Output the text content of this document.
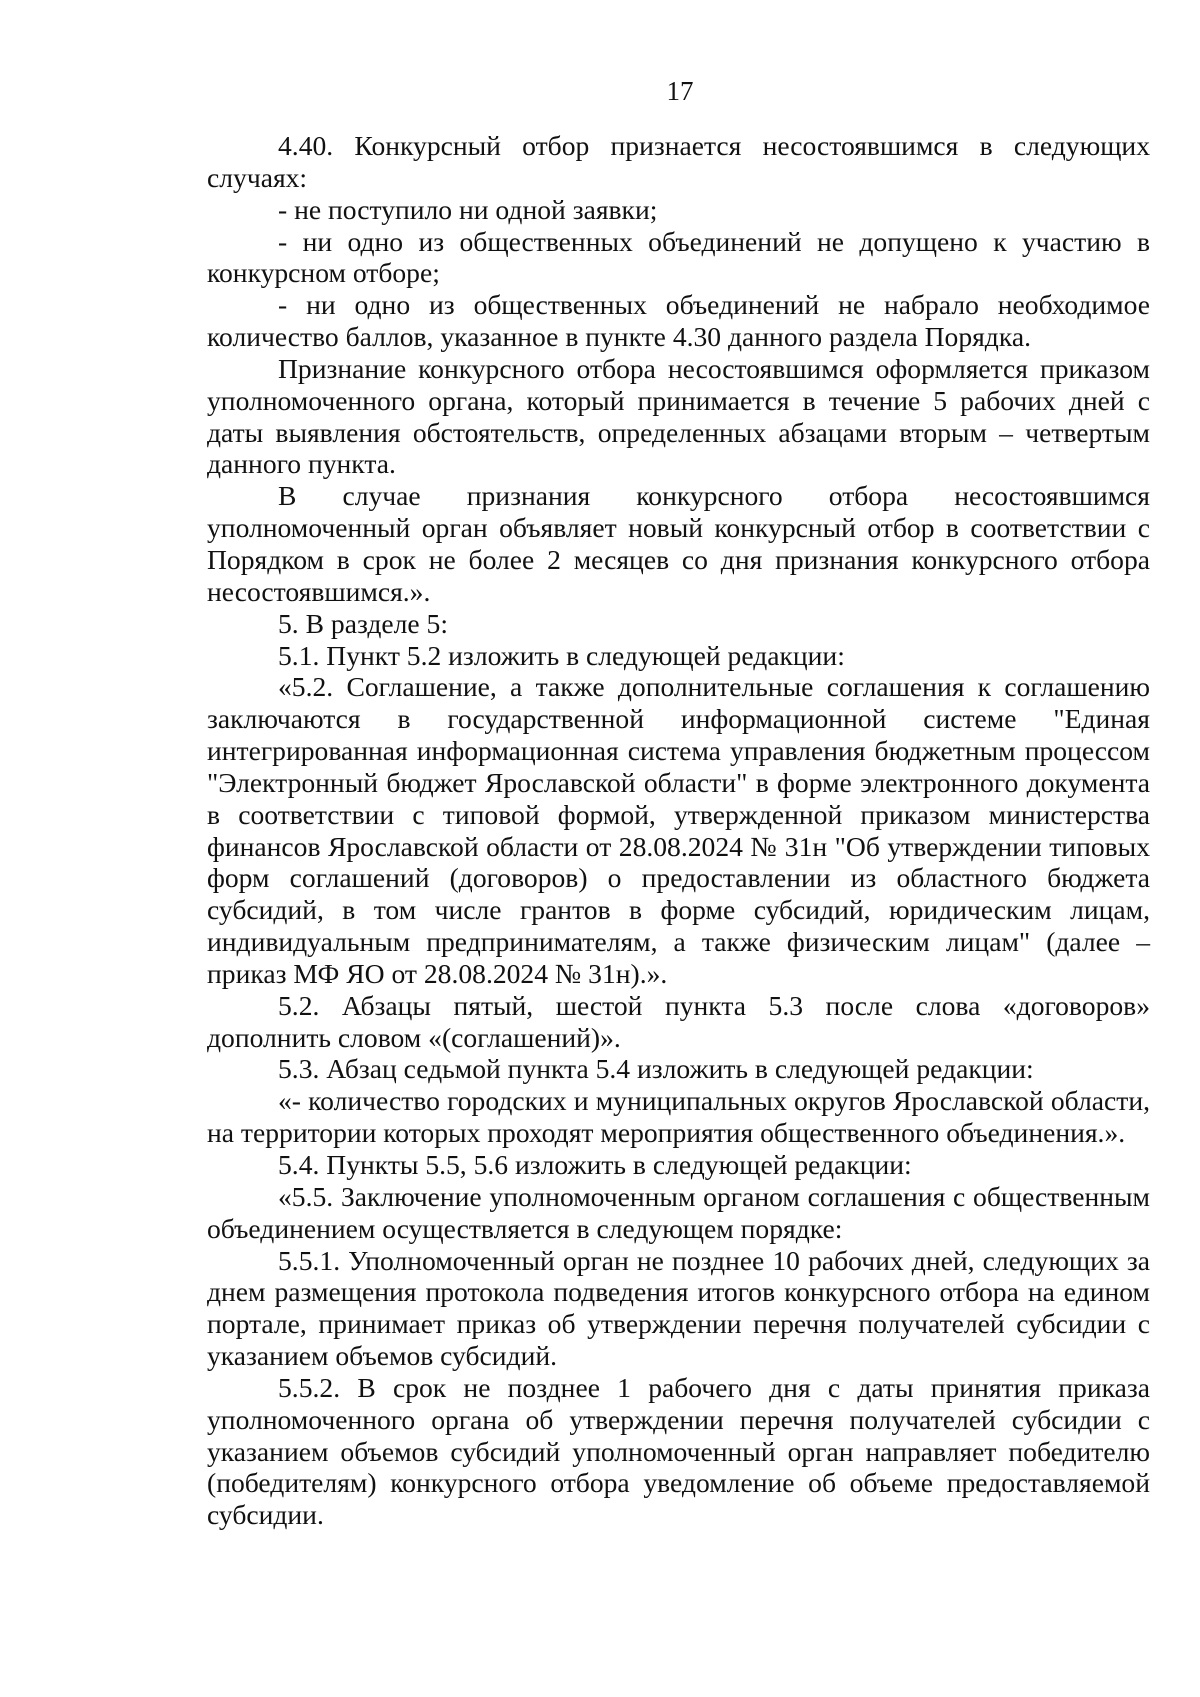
17

4.40. Конкурсный отбор признается несостоявшимся в следующих случаях:

- не поступило ни одной заявки;

- ни одно из общественных объединений не допущено к участию в конкурсном отборе;

- ни одно из общественных объединений не набрало необходимое количество баллов, указанное в пункте 4.30 данного раздела Порядка.

Признание конкурсного отбора несостоявшимся оформляется приказом уполномоченного органа, который принимается в течение 5 рабочих дней с даты выявления обстоятельств, определенных абзацами вторым – четвертым данного пункта.

В случае признания конкурсного отбора несостоявшимся уполномоченный орган объявляет новый конкурсный отбор в соответствии с Порядком в срок не более 2 месяцев со дня признания конкурсного отбора несостоявшимся.».

5. В разделе 5:

5.1. Пункт 5.2 изложить в следующей редакции:

«5.2. Соглашение, а также дополнительные соглашения к соглашению заключаются в государственной информационной системе "Единая интегрированная информационная система управления бюджетным процессом "Электронный бюджет Ярославской области" в форме электронного документа в соответствии с типовой формой, утвержденной приказом министерства финансов Ярославской области от 28.08.2024 № 31н "Об утверждении типовых форм соглашений (договоров) о предоставлении из областного бюджета субсидий, в том числе грантов в форме субсидий, юридическим лицам, индивидуальным предпринимателям, а также физическим лицам" (далее – приказ МФ ЯО от 28.08.2024 № 31н).».

5.2. Абзацы пятый, шестой пункта 5.3 после слова «договоров» дополнить словом «(соглашений)».

5.3. Абзац седьмой пункта 5.4 изложить в следующей редакции:

«- количество городских и муниципальных округов Ярославской области, на территории которых проходят мероприятия общественного объединения.».

5.4. Пункты 5.5, 5.6 изложить в следующей редакции:

«5.5. Заключение уполномоченным органом соглашения с общественным объединением осуществляется в следующем порядке:

5.5.1. Уполномоченный орган не позднее 10 рабочих дней, следующих за днем размещения протокола подведения итогов конкурсного отбора на едином портале, принимает приказ об утверждении перечня получателей субсидии с указанием объемов субсидий.

5.5.2. В срок не позднее 1 рабочего дня с даты принятия приказа уполномоченного органа об утверждении перечня получателей субсидии с указанием объемов субсидий уполномоченный орган направляет победителю (победителям) конкурсного отбора уведомление об объеме предоставляемой субсидии.
